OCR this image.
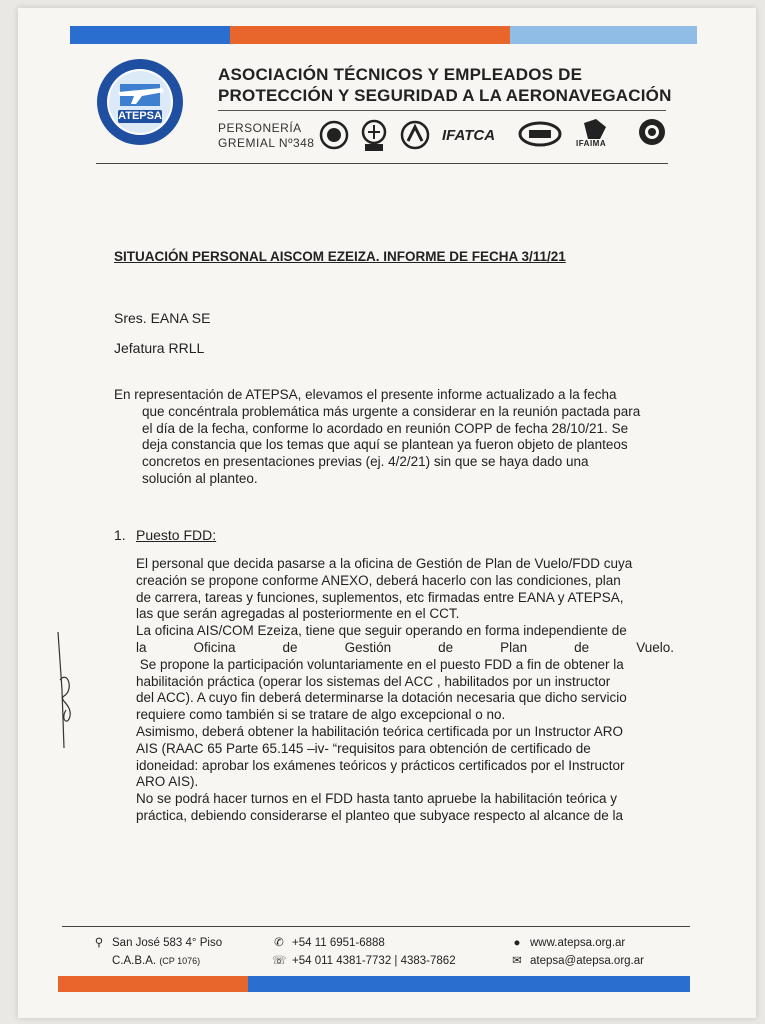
ATEPSA
ASOCIACIÓN TÉCNICOS Y EMPLEADOS DE
PROTECCIÓN Y SEGURIDAD A LA AERONAVEGACIÓN
PERSONERÍA
GREMIAL Nº348	IFATCA	IFAIMA
SITUACIÓN PERSONAL AISCOM EZEIZA. INFORME DE FECHA 3/11/21
Sres. EANA SE
Jefatura RRLL
En representación de ATEPSA, elevamos el presente informe actualizado a la fecha
que concéntrala problemática más urgente a considerar en la reunión pactada para
el día de la fecha, conforme lo acordado en reunión COPP de fecha 28/10/21. Se
deja constancia que los temas que aquí se plantean ya fueron objeto de planteos
concretos en presentaciones previas (ej. 4/2/21) sin que se haya dado una
solución al planteo.
1. Puesto FDD:

El personal que decida pasarse a la oficina de Gestión de Plan de Vuelo/FDD cuya

creación se propone conforme ANEXO, deberá hacerlo con las condiciones, plan

de carrera, tareas y funciones, suplementos, etc firmadas entre EANA y ATEPSA,

las que serán agregadas al posteriormente en el CCT.

La oficina AIS/COM Ezeiza, tiene que seguir operando en forma independiente de

la	Oficina	de	Gestión	de	Plan	de	Vuelo.

Se propone la participación voluntariamente en el puesto FDD a fin de obtener la

habilitación práctica (operar los sistemas del ACC , habilitados por un instructor

del ACC). A cuyo fin deberá determinarse la dotación necesaria que dicho servicio

requiere como también si se tratare de algo excepcional o no.

Asimismo, deberá obtener la habilitación teórica certificada por un Instructor ARO

AIS (RAAC 65 Parte 65.145 –iv- “requisitos para obtención de certificado de

idoneidad: aprobar los exámenes teóricos y prácticos certificados por el Instructor

ARO AIS).

No se podrá hacer turnos en el FDD hasta tanto apruebe la habilitación teórica y

práctica, debiendo considerarse el planteo que subyace respecto al alcance de la

⚲ San José 583 4° Piso
C.A.B.A. (CP 1076)
✆ +54 11 6951-6888
☏ +54 011 4381-7732 | 4383-7862
● www.atepsa.org.ar
✉ atepsa@atepsa.org.ar
